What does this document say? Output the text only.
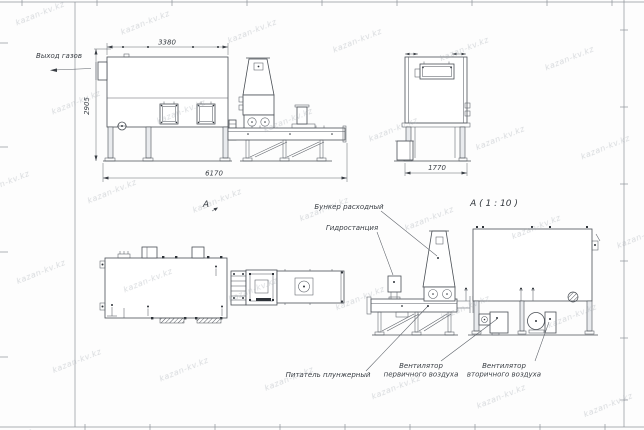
Выход газов
3380
2905
6170
А
1770
А ( 1 : 10 )
Бункер расходный
Гидростанция
Питатель плунжерный
Вентилятор
первичного воздуха
Вентилятор
вторичного воздуха
